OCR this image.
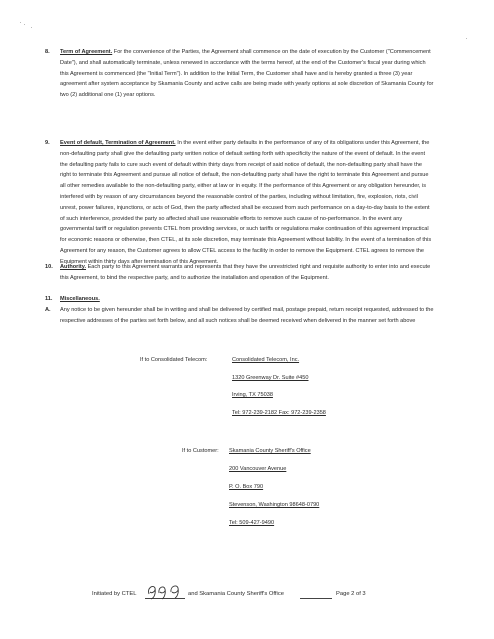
8. Term of Agreement. For the convenience of the Parties, the Agreement shall commence on the date of execution by the Customer ("Commencement Date"), and shall automatically terminate, unless renewed in accordance with the terms hereof, at the end of the Customer's fiscal year during which this Agreement is commenced (the "Initial Term"). In addition to the Initial Term, the Customer shall have and is hereby granted a three (3) year agreement after system acceptance by Skamania County and active calls are being made with yearly options at sole discretion of Skamania County for two (2) additional one (1) year options.
9. Event of default, Termination of Agreement. In the event either party defaults in the performance of any of its obligations under this Agreement, the non-defaulting party shall give the defaulting party written notice of default setting forth with specificity the nature of the event of default. In the event the defaulting party fails to cure such event of default within thirty days from receipt of said notice of default, the non-defaulting party shall have the right to terminate this Agreement and pursue all notice of default, the non-defaulting party shall have the right to terminate this Agreement and pursue all other remedies available to the non-defaulting party, either at law or in equity. If the performance of this Agreement or any obligation hereunder, is interfered with by reason of any circumstances beyond the reasonable control of the parties, including without limitation, fire, explosion, riots, civil unrest, power failures, injunctions, or acts of God, then the party affected shall be excused from such performance on a day-to-day basis to the extent of such interference, provided the party so affected shall use reasonable efforts to remove such cause of no-performance. In the event any governmental tariff or regulation prevents CTEL from providing services, or such tariffs or regulations make continuation of this agreement impractical for economic reasons or otherwise, then CTEL, at its sole discretion, may terminate this Agreement without liability. In the event of a termination of this Agreement for any reason, the Customer agrees to allow CTEL access to the facility in order to remove the Equipment. CTEL agrees to remove the Equipment within thirty days after termination of this Agreement.
10. Authority. Each party to this Agreement warrants and represents that they have the unrestricted right and requisite authority to enter into and execute this Agreement, to bind the respective party, and to authorize the installation and operation of the Equipment.
11. Miscellaneous.
A. Any notice to be given hereunder shall be in writing and shall be delivered by certified mail, postage prepaid, return receipt requested, addressed to the respective addresses of the parties set forth below, and all such notices shall be deemed received when delivered in the manner set forth above
If to Consolidated Telecom:	Consolidated Telecom, Inc.
1320 Greenway Dr. Suite #450
Irving, TX 75038
Tel: 972-239-2182 Fax: 972-239-2358
If to Customer: Skamania County Sheriff's Office
200 Vancouver Avenue
P. O. Box 790
Stevenson, Washington 98648-0790
Tel: 509-427-9490
Initiated by CTEL	and Skamania County Sheriff's Office	Page 2 of 3
